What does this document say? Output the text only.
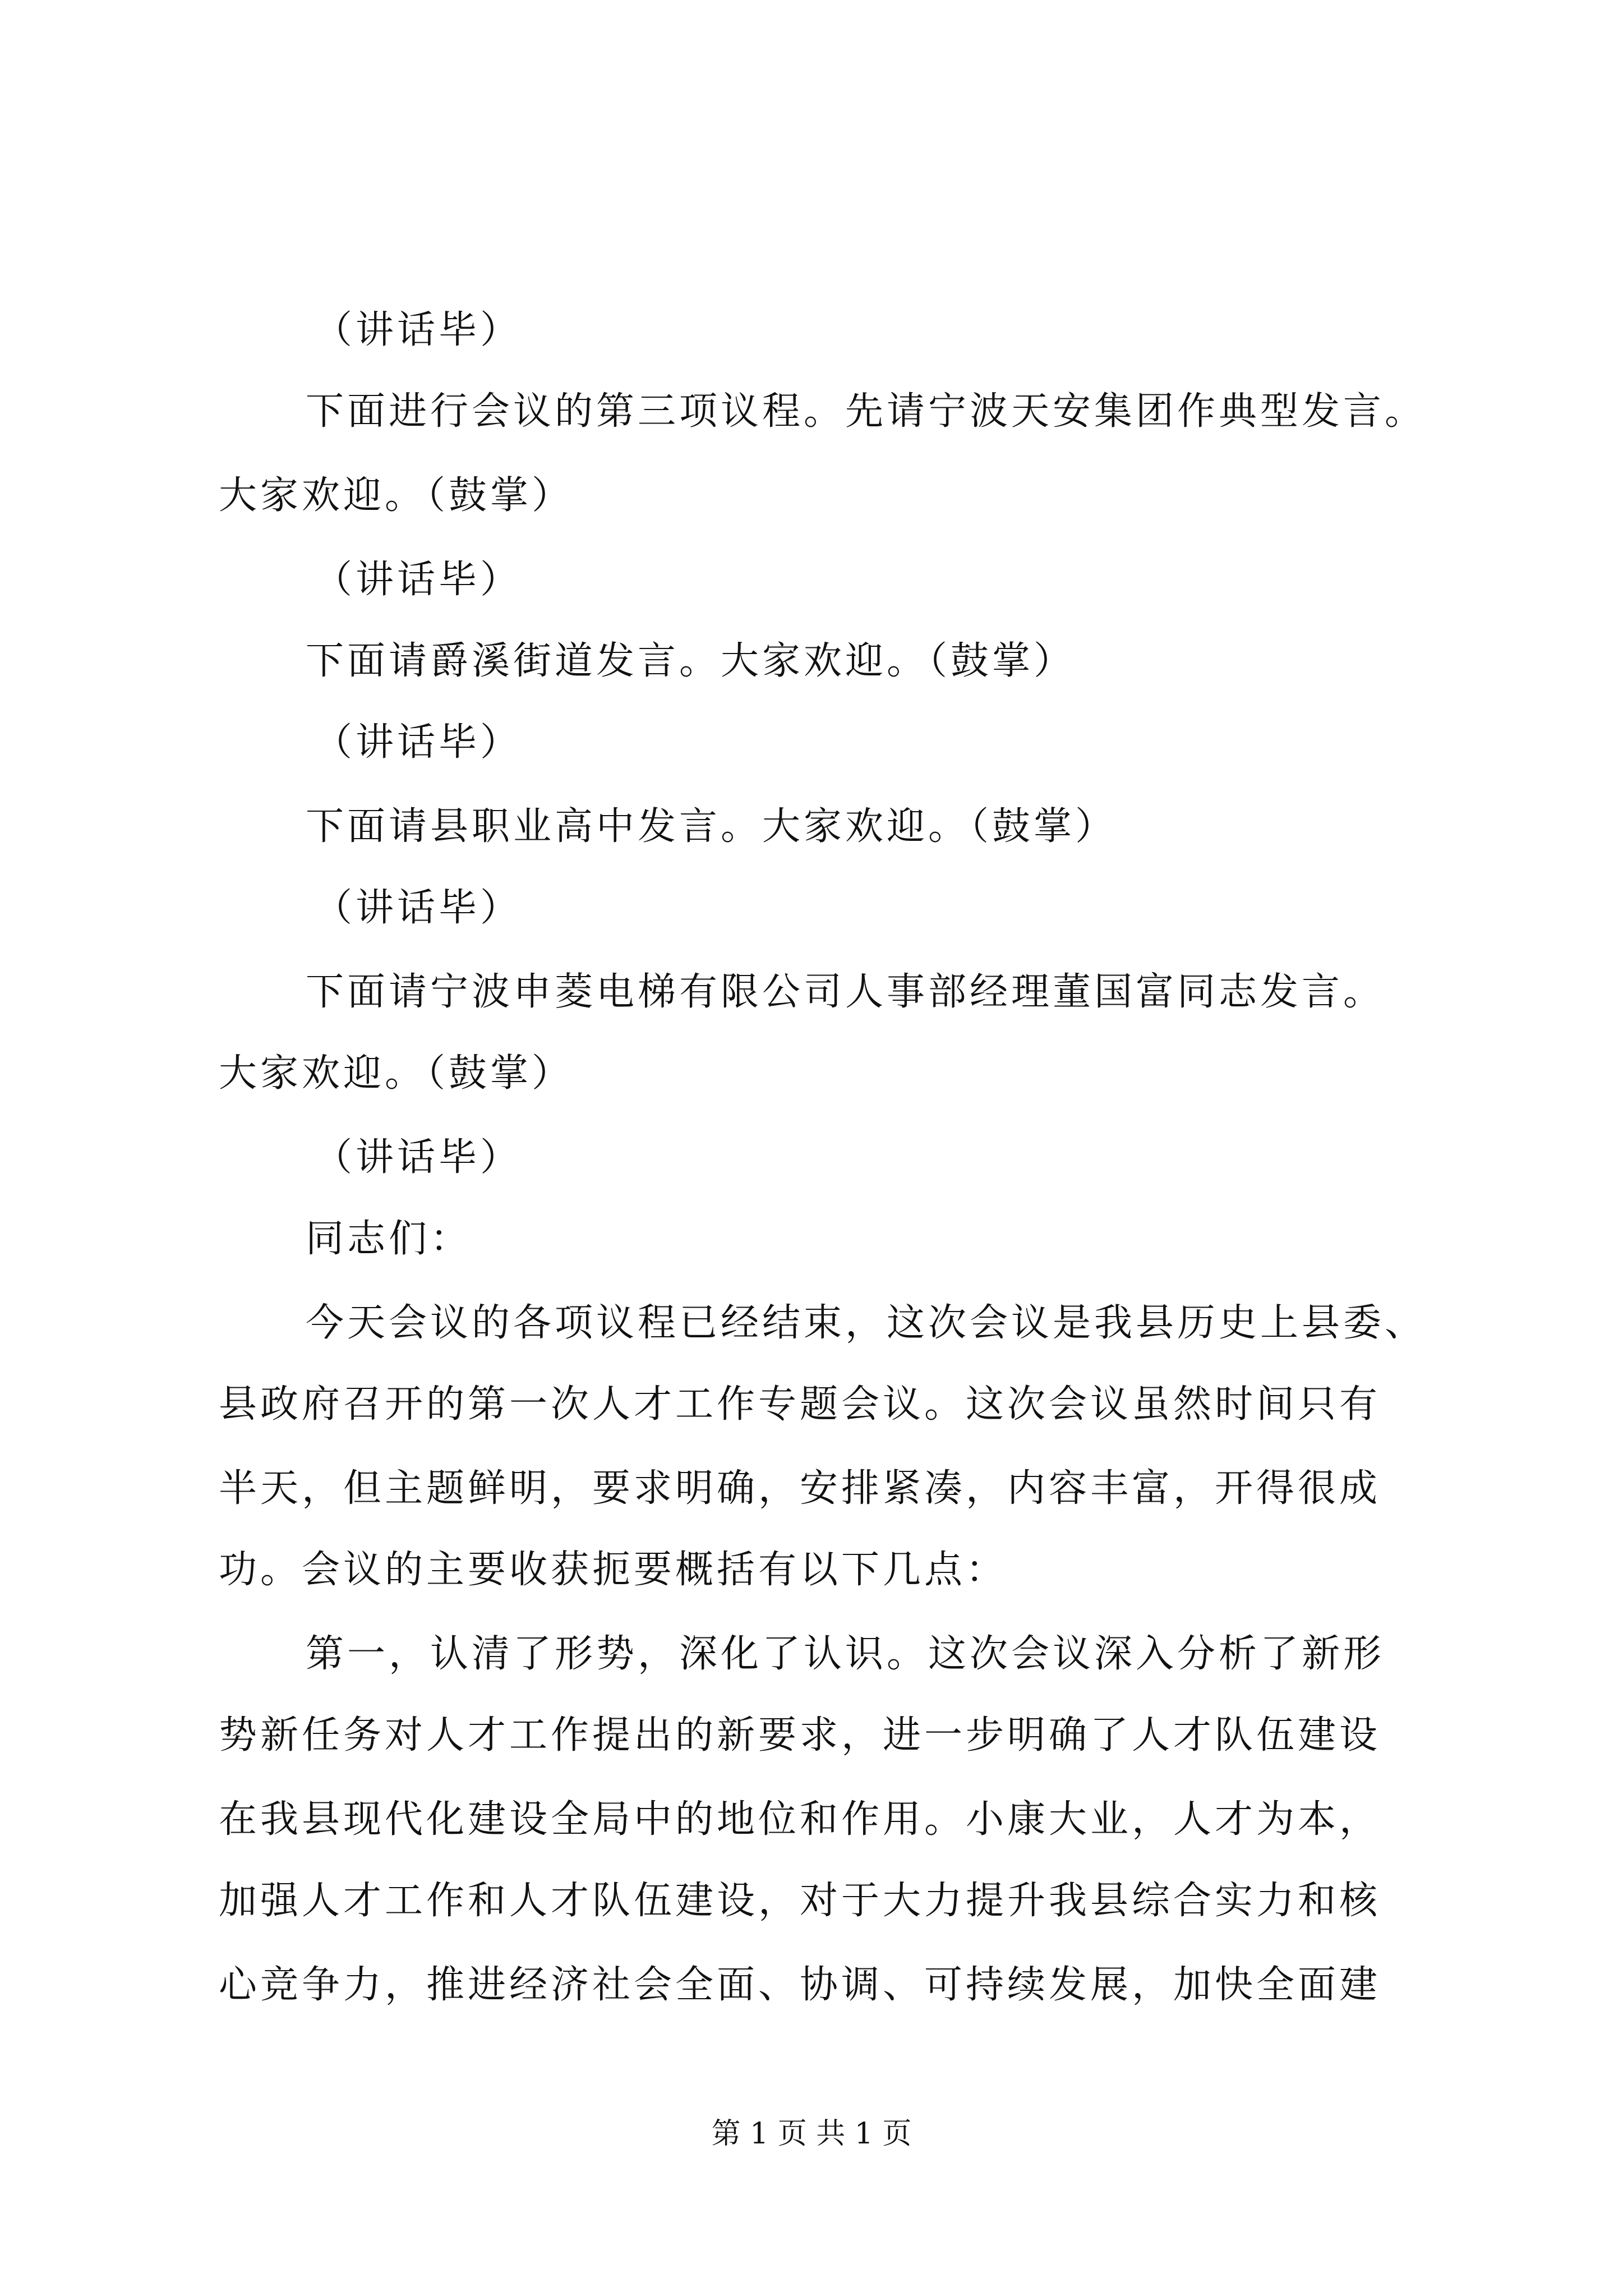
（讲话毕）
下面进行会议的第三项议程。先请宁波天安集团作典型发言。
大家欢迎。（鼓掌）
（讲话毕）
下面请爵溪街道发言。大家欢迎。（鼓掌）
（讲话毕）
下面请县职业高中发言。大家欢迎。（鼓掌）
（讲话毕）
下面请宁波申菱电梯有限公司人事部经理董国富同志发言。
大家欢迎。（鼓掌）
（讲话毕）
同志们：
今天会议的各项议程已经结束，这次会议是我县历史上县委、
县政府召开的第一次人才工作专题会议。这次会议虽然时间只有
半天，但主题鲜明，要求明确，安排紧凑，内容丰富，开得很成
功。会议的主要收获扼要概括有以下几点：
第一，认清了形势，深化了认识。这次会议深入分析了新形
势新任务对人才工作提出的新要求，进一步明确了人才队伍建设
在我县现代化建设全局中的地位和作用。小康大业，人才为本，
加强人才工作和人才队伍建设，对于大力提升我县综合实力和核
心竞争力，推进经济社会全面、协调、可持续发展，加快全面建
第 1 页 共 1 页
